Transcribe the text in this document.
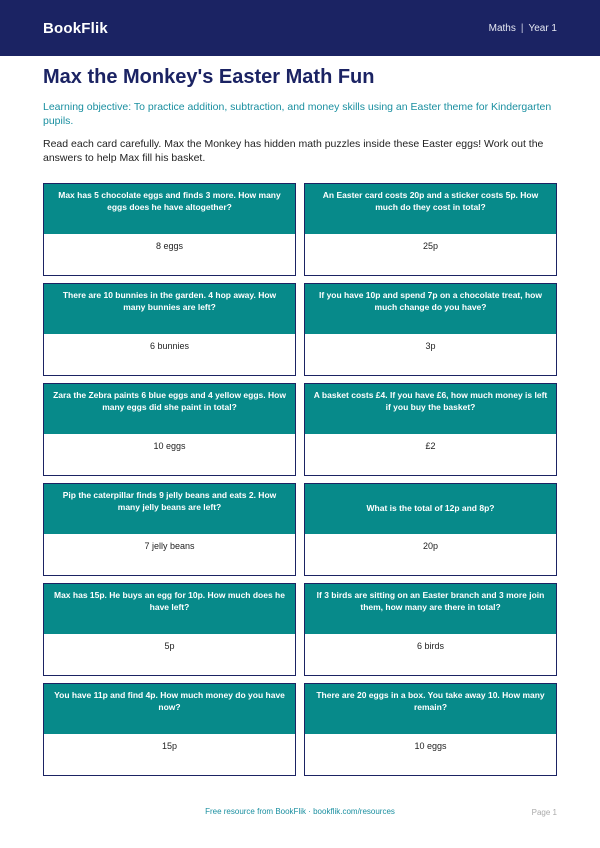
BookFlik	Maths | Year 1
Max the Monkey's Easter Math Fun

Learning objective: To practice addition, subtraction, and money skills using an Easter theme for Kindergarten pupils.

Read each card carefully. Max the Monkey has hidden math puzzles inside these Easter eggs! Work out the answers to help Max fill his basket.

Max has 5 chocolate eggs and finds 3 more. How many eggs does he have altogether?
8 eggs
An Easter card costs 20p and a sticker costs 5p. How much do they cost in total?
25p
There are 10 bunnies in the garden. 4 hop away. How many bunnies are left?
6 bunnies
If you have 10p and spend 7p on a chocolate treat, how much change do you have?
3p
Zara the Zebra paints 6 blue eggs and 4 yellow eggs. How many eggs did she paint in total?
10 eggs
A basket costs £4. If you have £6, how much money is left if you buy the basket?
£2
Pip the caterpillar finds 9 jelly beans and eats 2. How many jelly beans are left?
7 jelly beans
What is the total of 12p and 8p?
20p
Max has 15p. He buys an egg for 10p. How much does he have left?
5p
If 3 birds are sitting on an Easter branch and 3 more join them, how many are there in total?
6 birds
You have 11p and find 4p. How much money do you have now?
15p
There are 20 eggs in a box. You take away 10. How many remain?
10 eggs
Free resource from BookFlik · bookflik.com/resources	Page 1
